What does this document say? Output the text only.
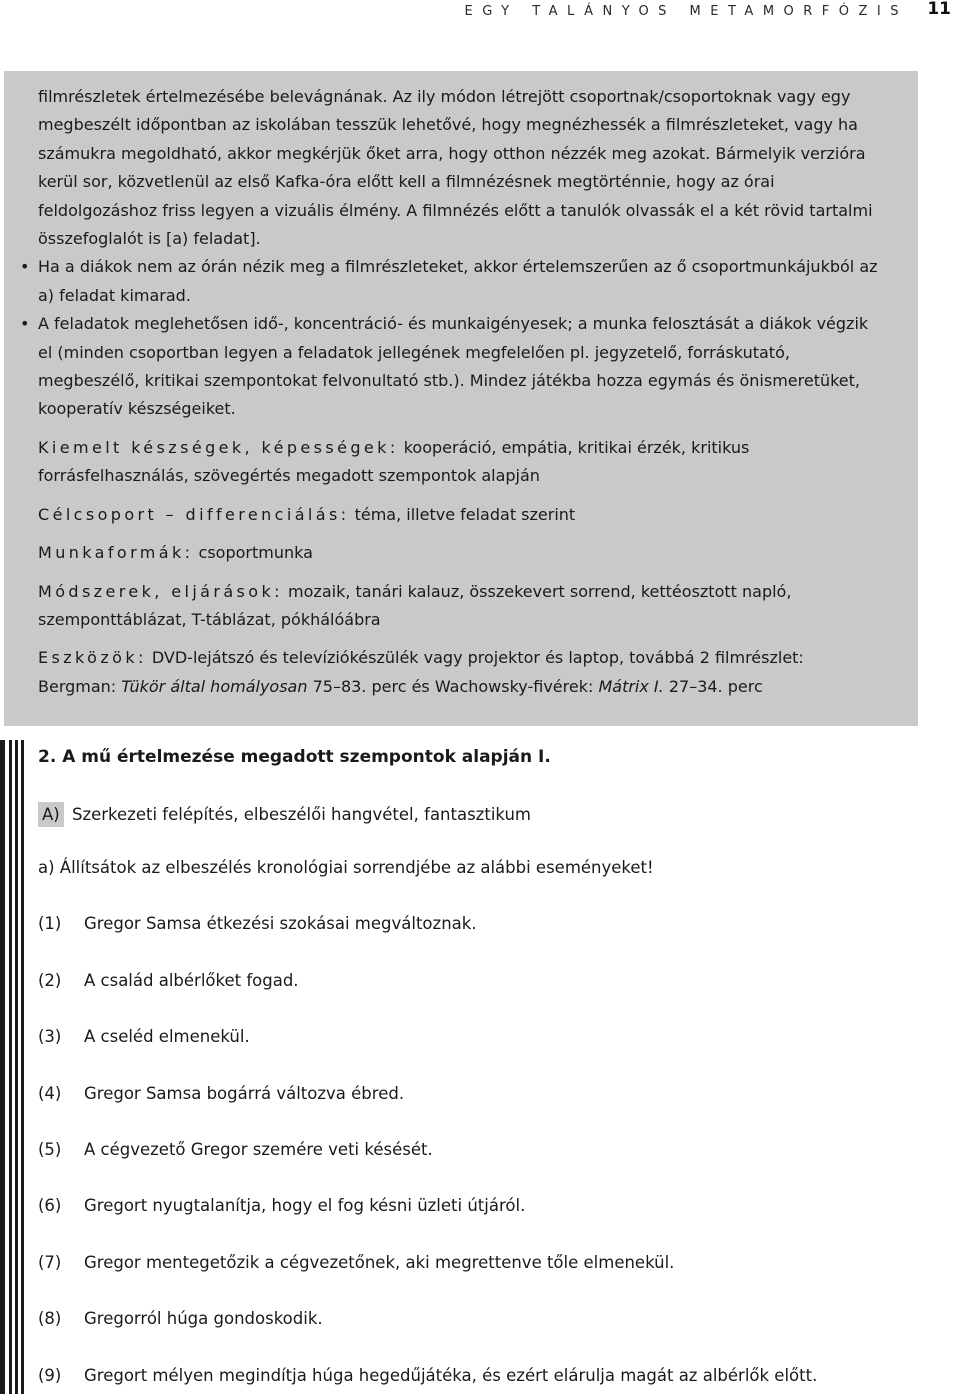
EGY TALÁNYOS METAMORFÓZIS 11

filmrészletek értelmezésébe belevágnának. Az ily módon létrejött csoportnak/csoportoknak vagy egy megbeszélt időpontban az iskolában tesszük lehetővé, hogy megnézhessék a filmrészleteket, vagy ha számukra megoldható, akkor megkérjük őket arra, hogy otthon nézzék meg azokat. Bármelyik verzióra kerül sor, közvetlenül az első Kafka-óra előtt kell a filmnézésnek megtörténnie, hogy az órai feldolgozáshoz friss legyen a vizuális élmény. A filmnézés előtt a tanulók olvassák el a két rövid tartalmi összefoglalót is [a) feladat].

• Ha a diákok nem az órán nézik meg a filmrészleteket, akkor értelemszerűen az ő csoportmunkájukból az a) feladat kimarad.

• A feladatok meglehetősen idő-, koncentráció- és munkaigényesek; a munka felosztását a diákok végzik el (minden csoportban legyen a feladatok jellegének megfelelően pl. jegyzetelő, forráskutató, megbeszélő, kritikai szempontokat felvonultató stb.). Mindez játékba hozza egymás és önismeretüket, kooperatív készségeiket.

Kiemelt készségek, képességek: kooperáció, empátia, kritikai érzék, kritikus forrásfelhasználás, szövegértés megadott szempontok alapján

Célcsoport – differenciálás: téma, illetve feladat szerint

Munkaformák: csoportmunka

Módszerek, eljárások: mozaik, tanári kalauz, összekevert sorrend, kettéosztott napló, szemponttáblázat, T-táblázat, pókhálóábra

Eszközök: DVD-lejátszó és televíziókészülék vagy projektor és laptop, továbbá 2 filmrészlet: Bergman: Tükör által homályosan 75–83. perc és Wachowsky-fivérek: Mátrix I. 27–34. perc

2. A mű értelmezése megadott szempontok alapján I.
A) Szerkezeti felépítés, elbeszélői hangvétel, fantasztikum
a) Állítsátok az elbeszélés kronológiai sorrendjébe az alábbi eseményeket!
(1) Gregor Samsa étkezési szokásai megváltoznak.
(2) A család albérlőket fogad.
(3) A cseléd elmenekül.
(4) Gregor Samsa bogárrá változva ébred.
(5) A cégvezető Gregor szemére veti késését.
(6) Gregort nyugtalanítja, hogy el fog késni üzleti útjáról.
(7) Gregor mentegetőzik a cégvezetőnek, aki megrettenve tőle elmenekül.
(8) Gregorról húga gondoskodik.
(9) Gregort mélyen megindítja húga hegedűjátéka, és ezért elárulja magát az albérlők előtt.
